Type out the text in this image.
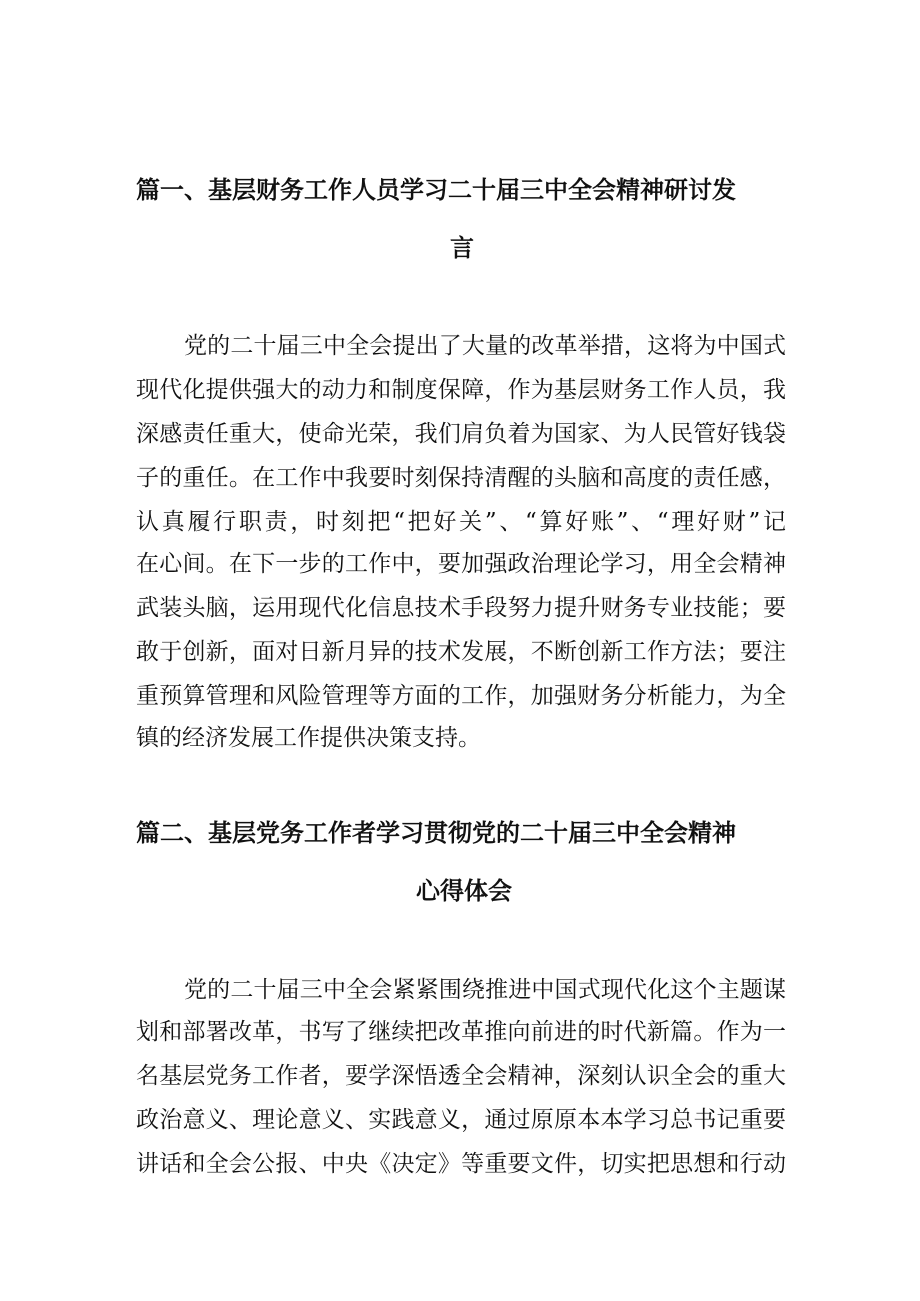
篇一、基层财务工作人员学习二十届三中全会精神研讨发
言
党的二十届三中全会提出了大量的改革举措，这将为中国式
现代化提供强大的动力和制度保障，作为基层财务工作人员，我
深感责任重大，使命光荣，我们肩负着为国家、为人民管好钱袋
子的重任。在工作中我要时刻保持清醒的头脑和高度的责任感，
认真履行职责，时刻把“把好关”、“算好账”、“理好财”记
在心间。在下一步的工作中，要加强政治理论学习，用全会精神
武装头脑，运用现代化信息技术手段努力提升财务专业技能；要
敢于创新，面对日新月异的技术发展，不断创新工作方法；要注
重预算管理和风险管理等方面的工作，加强财务分析能力，为全
镇的经济发展工作提供决策支持。
篇二、基层党务工作者学习贯彻党的二十届三中全会精神
心得体会
党的二十届三中全会紧紧围绕推进中国式现代化这个主题谋
划和部署改革，书写了继续把改革推向前进的时代新篇。作为一
名基层党务工作者，要学深悟透全会精神，深刻认识全会的重大
政治意义、理论意义、实践意义，通过原原本本学习总书记重要
讲话和全会公报、中央《决定》等重要文件，切实把思想和行动
